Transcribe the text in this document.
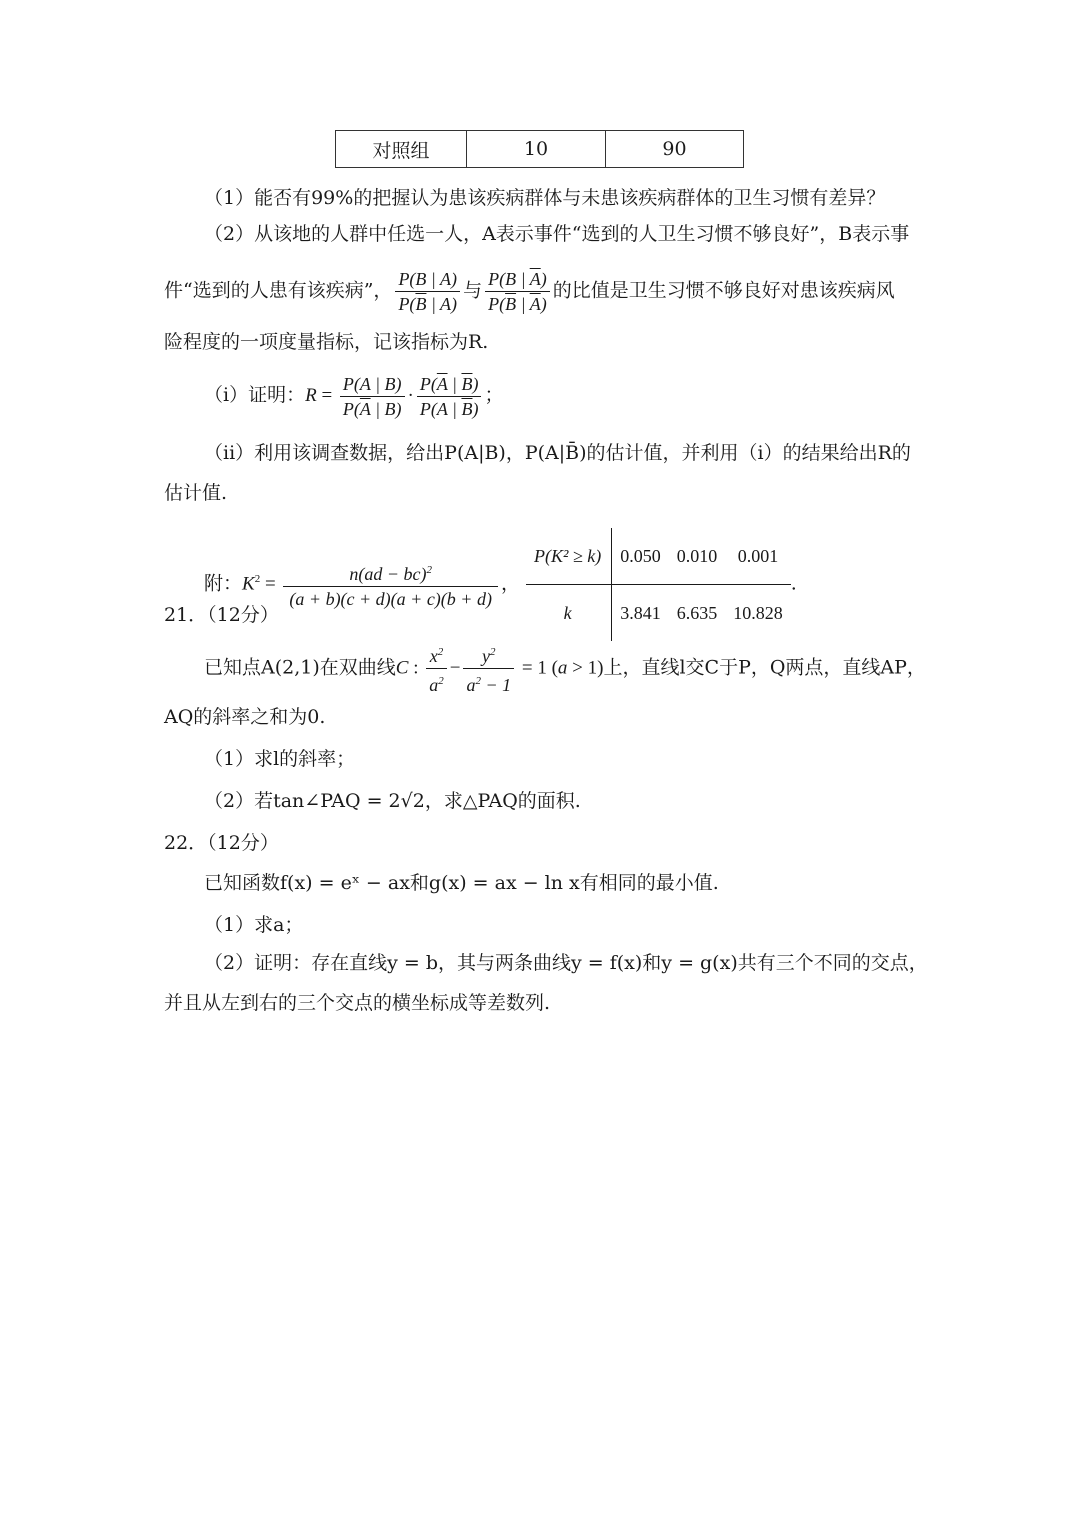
对照组	10	90
（1）能否有99%的把握认为患该疾病群体与未患该疾病群体的卫生习惯有差异？
（2）从该地的人群中任选一人，A表示事件“选到的人卫生习惯不够良好”，B表示事
件“选到的人患有该疾病”， $\frac{P(B | A)}{P(\overline{B} | A)}$ 与 $\frac{P(B | \overline{A})}{P(\overline{B} | \overline{A})}$ 的比值是卫生习惯不够良好对患该疾病风
险程度的一项度量指标，记该指标为R.
（i）证明：$R = \frac{P(A | B)}{P(\overline{A} | B)} \cdot \frac{P(\overline{A} | \overline{B})}{P(A | \overline{B})}$ ；
（ii）利用该调查数据，给出P(A|B)，P(A|B̄)的估计值，并利用（i）的结果给出R的
估计值.
附：$K^2 = \frac{n(ad - bc)^2}{(a + b)(c + d)(a + c)(b + d)}$ ， P(K² ≥ k)	0.050	0.010	0.001
k	3.841	6.635	10.828.
21．（12分）
已知点A(2,1)在双曲线C : $\frac{x^2}{a^2} - \frac{y^2}{a^2 - 1} = 1$ (a > 1)上，直线l交C于P，Q两点，直线AP，
AQ的斜率之和为0.
（1）求l的斜率；
（2）若tan∠PAQ = 2√2，求△PAQ的面积.
22．（12分）
已知函数f(x) = eˣ − ax和g(x) = ax − ln x有相同的最小值.
（1）求a；
（2）证明：存在直线y = b，其与两条曲线y = f(x)和y = g(x)共有三个不同的交点，
并且从左到右的三个交点的横坐标成等差数列.
